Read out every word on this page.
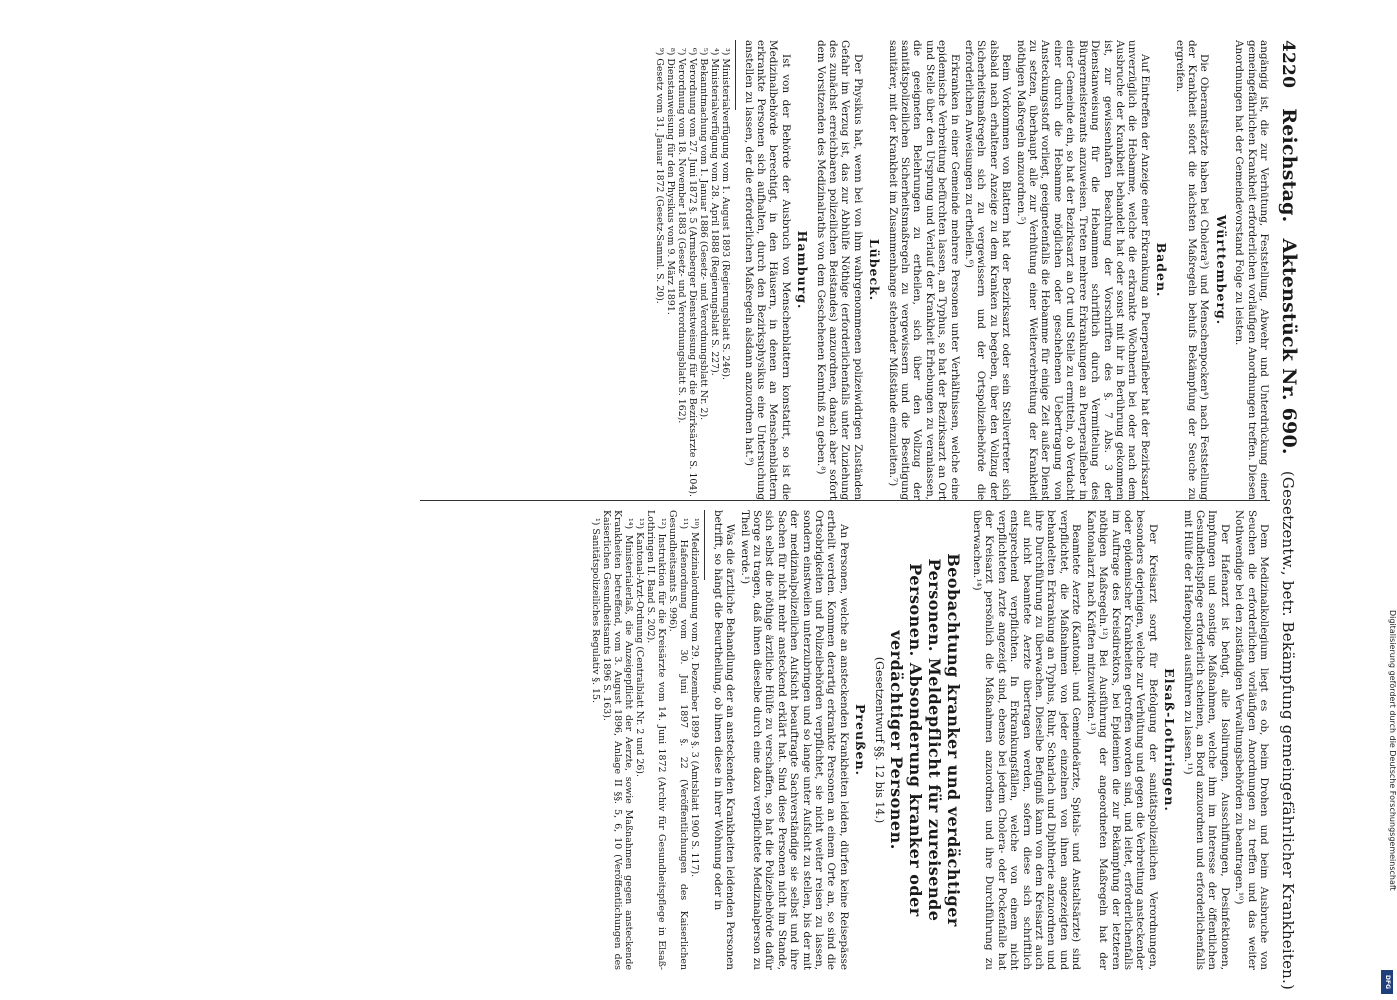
4220 Reichstag. Aktenstück Nr. 690. (Gesetzentw., betr. Bekämpfung gemeingefährlicher Krankheiten.)

angängig ist, die zur Verhütung, Feststellung, Abwehr und Unterdrückung einer gemeingefährlichen Krankheit erforderlichen vorläufigen Anordnungen treffen. Diesen Anordnungen hat der Gemeindevorstand Folge zu leisten.

Württemberg.

Die Oberamtsärzte haben bei Cholera³) und Menschenpocken⁴) nach Feststellung der Krankheit sofort die nächsten Maßregeln behufs Bekämpfung der Seuche zu ergreifen.

Baden.

Auf Eintreffen der Anzeige einer Erkrankung an Puerperalfieber hat der Bezirksarzt unverzüglich die Hebamme, welche die erkrankte Wöchnerin bei oder nach dem Ausbruche der Krankheit behandelt hat oder sonst mit ihr in Berührung gekommen ist, zur gewissenhaften Beachtung der Vorschriften des §. 7 Abs. 3 der Dienstanweisung für die Hebammen schriftlich durch Vermittelung des Bürgermeisteramts anzuweisen. Treten mehrere Erkrankungen an Puerperalfieber in einer Gemeinde ein, so hat der Bezirksarzt an Ort und Stelle zu ermitteln, ob Verdacht einer durch die Hebamme möglichen oder geschehenen Uebertragung von Ansteckungsstoff vorliegt, geeignetenfalls die Hebamme für einige Zeit außer Dienst zu setzen, überhaupt alle zur Verhütung einer Weiterverbreitung der Krankheit nöthigen Maßregeln anzuordnen.⁵)

Beim Vorkommen von Blattern hat der Bezirksarzt oder sein Stellvertreter sich alsbald nach erhaltener Anzeige zu dem Kranken zu begeben, über den Vollzug der Sicherheitsmaßregeln sich zu vergewissern und der Ortspolizeibehörde die erforderlichen Anweisungen zu ertheilen.⁶)

Erkranken in einer Gemeinde mehrere Personen unter Verhältnissen, welche eine epidemische Verbreitung befürchten lassen, an Typhus, so hat der Bezirksarzt an Ort und Stelle über den Ursprung und Verlauf der Krankheit Erhebungen zu veranlassen, die geeigneten Belehrungen zu ertheilen, sich über den Vollzug der sanitätspolizeilichen Sicherheitsmaßregeln zu vergewissern und die Beseitigung sanitärer, mit der Krankheit im Zusammenhange stehender Mißstände einzuleiten.⁷)

Lübeck.

Der Physikus hat, wenn bei von ihm wahrgenommenen polizeiwidrigen Zuständen Gefahr im Verzug ist, das zur Abhülfe Nöthige (erforderlichenfalls unter Zuziehung des zunächst erreichbaren polizeilichen Beistandes) anzuordnen, danach aber sofort dem Vorsitzenden des Medizinalraths von dem Geschehenen Kenntniß zu geben.⁸)

Hamburg.

Ist von der Behörde der Ausbruch von Menschenblattern konstatirt, so ist die Medizinalbehörde berechtigt, in den Häusern, in denen an Menschenblattern erkrankte Personen sich aufhalten, durch den Bezirksphysikus eine Untersuchung anstellen zu lassen, der die erforderlichen Maßregeln alsdann anzuordnen hat.⁹)

³) Ministerialverfügung vom 1. August 1893 (Regierungsblatt S. 246).

⁴) Ministerialverfügung vom 28. April 1888 (Regierungsblatt S. 227).

⁵) Bekanntmachung vom 1. Januar 1886 (Gesetz- und Verordnungsblatt Nr. 2).

⁶) Verordnung vom 27. Juni 1872 §. 5 (Armsberger Dienstweisung für die Bezirksärzte S. 104).

⁷) Verordnung vom 18. November 1883 (Gesetz- und Verordnungsblatt S. 162).

⁸) Dienstanweisung für den Physikus vom 9. März 1891.

⁹) Gesetz vom 31. Januar 1872 (Gesetz-Samml. S. 20).

Dem Medizinalkollegium liegt es ob, beim Drohen und beim Ausbruche von Seuchen die erforderlichen vorläufigen Anordnungen zu treffen und das weiter Nothwendige bei den zuständigen Verwaltungsbehörden zu beantragen.¹⁰)

Der Hafenarzt ist befugt, alle Isolirungen, Ausschiffungen, Desinfektionen, Impfungen und sonstige Maßnahmen, welche ihm im Interesse der öffentlichen Gesundheitspflege erforderlich scheinen, an Bord anzuordnen und erforderlichenfalls mit Hülfe der Hafenpolizei ausführen zu lassen.¹¹)

Elsaß-Lothringen.

Der Kreisarzt sorgt für Befolgung der sanitätspolizeilichen Verordnungen, besonders derjenigen, welche zur Verhütung und gegen die Verbreitung ansteckender oder epidemischer Krankheiten getroffen worden sind, und leitet, erforderlichenfalls im Auftrage des Kreisdirektors, bei Epidemien die zur Bekämpfung der letzteren nöthigen Maßregeln.¹²) Bei Ausführung der angeordneten Maßregeln hat der Kantonalarzt nach Kräften mitzuwirken.¹³)

Beamtete Aerzte (Kantonal- und Gemeindeärzte, Spitals- und Anstaltsärzte) sind verpflichtet, die Maßnahmen von jeder einzelnen von ihnen angezeigten und behandelten Erkrankung an Typhus, Ruhr, Scharlach und Diphtherie anzuordnen und ihre Durchführung zu überwachen. Dieselbe Befugniß kann von dem Kreisarzt auch auf nicht beamtete Aerzte übertragen werden, sofern diese sich schriftlich entsprechend verpflichten. In Erkrankungsfällen, welche von einem nicht verpflichteten Arzte angezeigt sind, ebenso bei jedem Cholera- oder Pockenfalle hat der Kreisarzt persönlich die Maßnahmen anzuordnen und ihre Durchführung zu überwachen.¹⁴)

Beobachtung kranker und verdächtiger Personen. Meldepflicht für zureisende Personen. Absonderung kranker oder verdächtiger Personen.
(Gesetzentwurf §§. 12 bis 14.)
Preußen.

An Personen, welche an ansteckenden Krankheiten leiden, dürfen keine Reisepässe ertheilt werden. Kommen derartig erkrankte Personen an einem Orte an, so sind die Ortsobrigkeiten und Polizeibehörden verpflichtet, sie nicht weiter reisen zu lassen, sondern einstweilen unterzubringen und so lange unter Aufsicht zu stellen, bis der mit der medizinalpolizeilichen Aufsicht beauftragte Sachverständige sie selbst und ihre Sachen für nicht mehr ansteckend erklärt hat. Sind diese Personen nicht im Stande, sich selbst die nöthige ärztliche Hülfe zu verschaffen, so hat die Polizeibehörde dafür Sorge zu tragen, daß ihnen dieselbe durch eine dazu verpflichtete Medizinalperson zu Theil werde.¹)

Was die ärztliche Behandlung der an ansteckenden Krankheiten leidenden Personen betrifft, so hängt die Beurtheilung, ob ihnen diese in ihrer Wohnung oder in

¹⁰) Medizinalordnung vom 29. Dezember 1899 §. 3 (Amtsblatt 1900 S. 117).

¹¹) Hafenordnung vom 30. Juni 1897 §. 22 (Veröffentlichungen des Kaiserlichen Gesundheitsamts S. 996).

¹²) Instruktion für die Kreisärzte vom 14. Juni 1872 (Archiv für Gesundheitspflege in Elsaß-Lothringen II. Band S. 202).

¹³) Kantonal-Arzt-Ordnung (Centralblatt Nr. 2 und 26).

¹⁴) Ministerialerlaß, die Anzeigepflicht der Aerzte, sowie Maßnahmen gegen ansteckende Krankheiten betreffend, vom 3. August 1896, Anlage II §§. 5, 6, 10 (Veröffentlichungen des Kaiserlichen Gesundheitsamts 1896 S. 163).

¹) Sanitätspolizeiliches Regulativ §. 15.	Digitalisierung gefördert durch die Deutsche Forschungsgemeinschaft
DFG
